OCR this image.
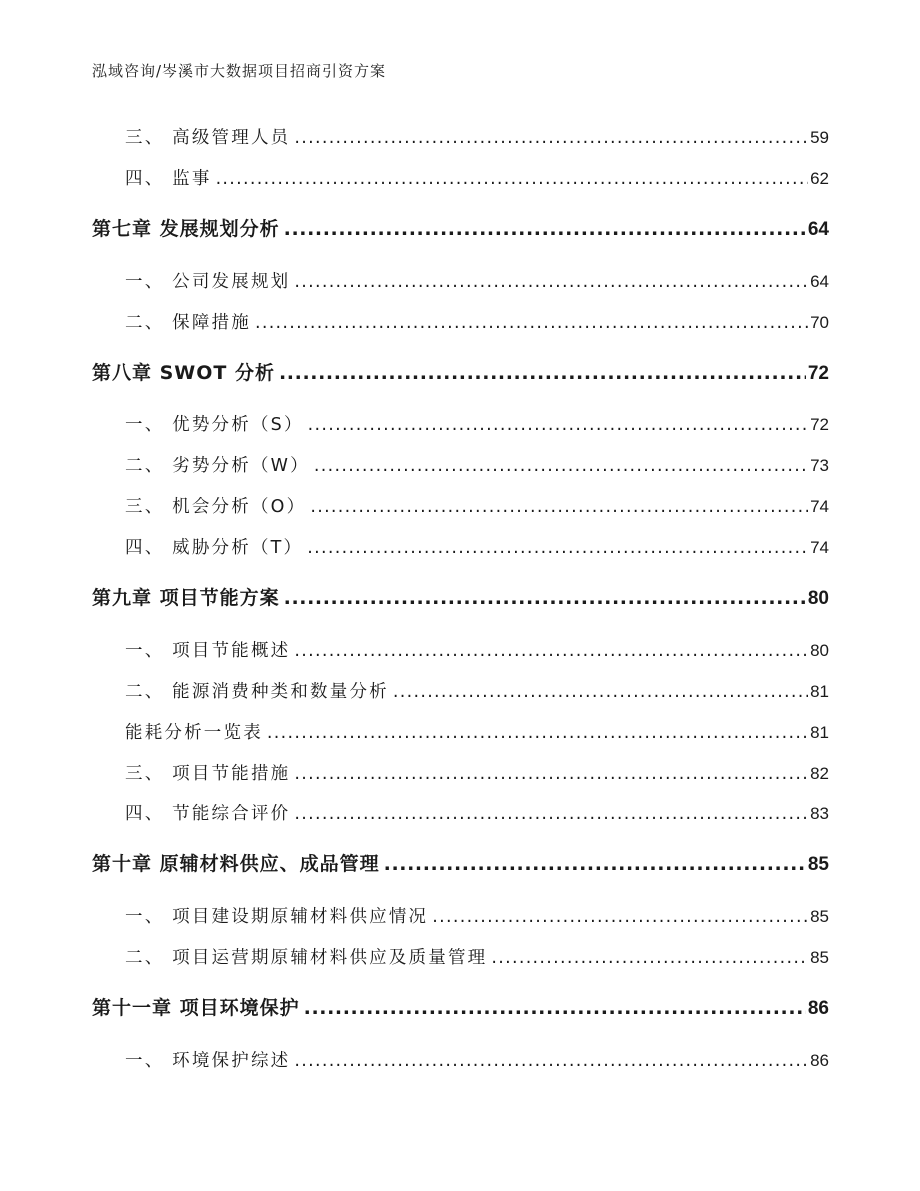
泓域咨询/岑溪市大数据项目招商引资方案
三、 高级管理人员 .....	59
四、 监事 .....	62
第七章 发展规划分析 .....	64
一、 公司发展规划 .....	64
二、 保障措施 .....	70
第八章 SWOT 分析 .....	72
一、 优势分析（S） .....	72
二、 劣势分析（W） .....	73
三、 机会分析（O） .....	74
四、 威胁分析（T） .....	74
第九章 项目节能方案 .....	80
一、 项目节能概述 .....	80
二、 能源消费种类和数量分析 .....	81
能耗分析一览表 .....	81
三、 项目节能措施 .....	82
四、 节能综合评价 .....	83
第十章 原辅材料供应、成品管理 .....	85
一、 项目建设期原辅材料供应情况 .....	85
二、 项目运营期原辅材料供应及质量管理 .....	85
第十一章 项目环境保护 .....	86
一、 环境保护综述 .....	86
